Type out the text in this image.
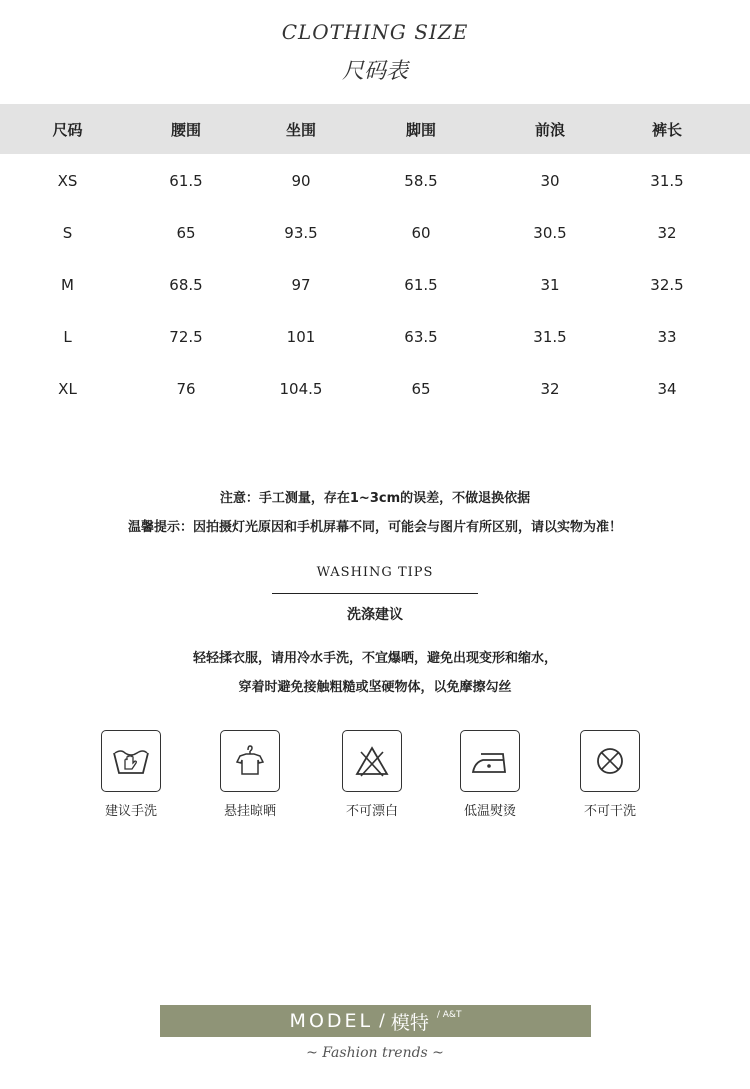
CLOTHING SIZE
尺码表
尺码	腰围	坐围	脚围	前浪	裤长
XS	61.5	90	58.5	30	31.5
S	65	93.5	60	30.5	32
M	68.5	97	61.5	31	32.5
L	72.5	101	63.5	31.5	33
XL	76	104.5	65	32	34
注意：手工测量，存在1~3cm的误差，不做退换依据
温馨提示：因拍摄灯光原因和手机屏幕不同，可能会与图片有所区别，请以实物为准！
WASHING TIPS
洗涤建议
轻轻揉衣服，请用冷水手洗，不宜爆晒，避免出现变形和缩水，
穿着时避免接触粗糙或坚硬物体，以免摩擦勾丝
建议手洗	悬挂晾晒	不可漂白	低温熨烫	不可干洗
MODEL / 模特 / A&T
~ Fashion trends ~
